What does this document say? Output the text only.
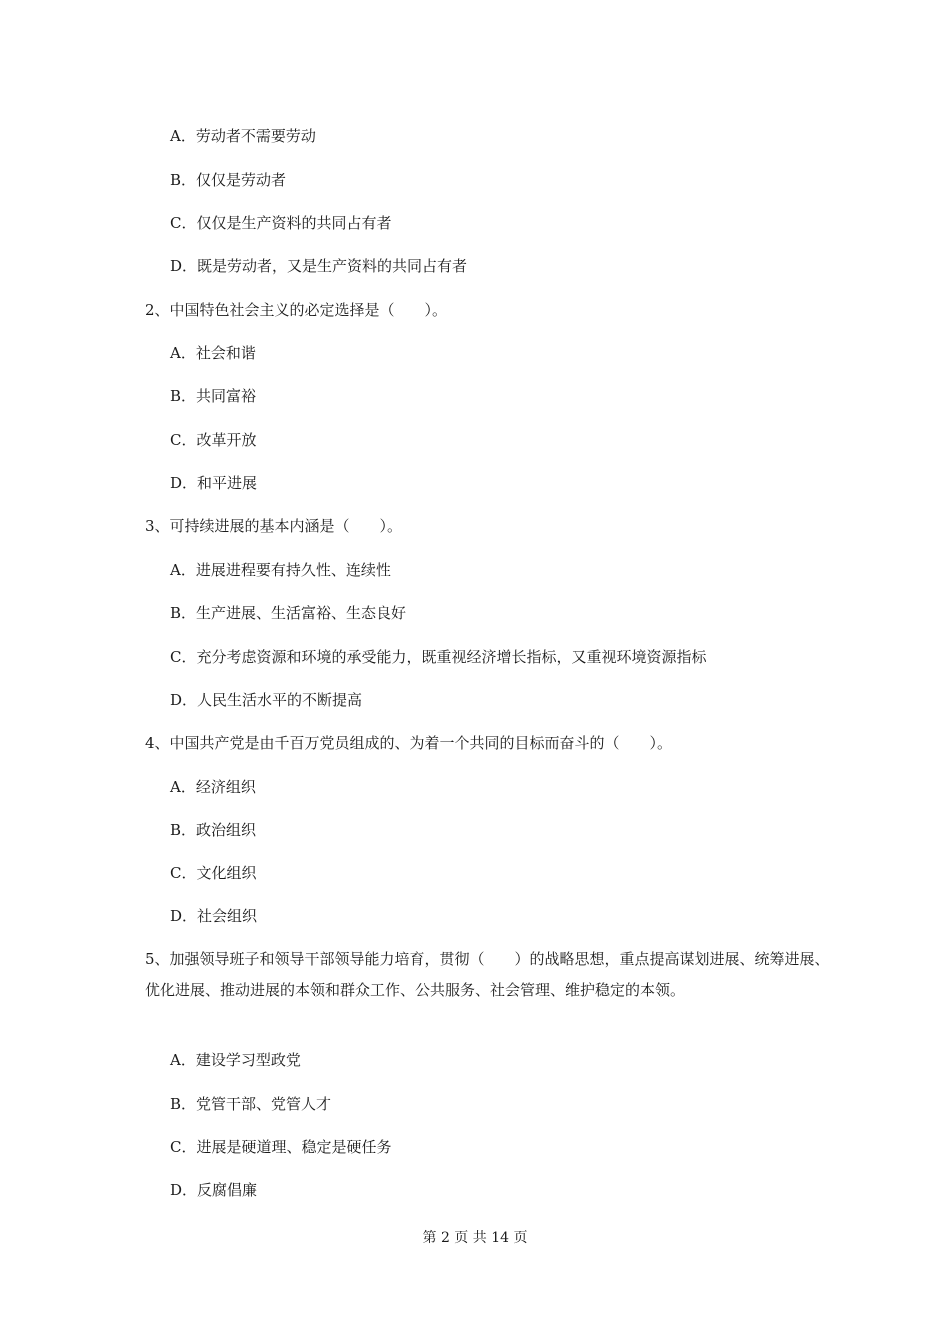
A．劳动者不需要劳动
B．仅仅是劳动者
C．仅仅是生产资料的共同占有者
D．既是劳动者，又是生产资料的共同占有者
2、中国特色社会主义的必定选择是（　　）。
A．社会和谐
B．共同富裕
C．改革开放
D．和平进展
3、可持续进展的基本内涵是（　　）。
A．进展进程要有持久性、连续性
B．生产进展、生活富裕、生态良好
C．充分考虑资源和环境的承受能力，既重视经济增长指标，又重视环境资源指标
D．人民生活水平的不断提高
4、中国共产党是由千百万党员组成的、为着一个共同的目标而奋斗的（　　）。
A．经济组织
B．政治组织
C．文化组织
D．社会组织
5、加强领导班子和领导干部领导能力培育，贯彻（　　）的战略思想，重点提高谋划进展、统筹进展、优化进展、推动进展的本领和群众工作、公共服务、社会管理、维护稳定的本领。
A．建设学习型政党
B．党管干部、党管人才
C．进展是硬道理、稳定是硬任务
D．反腐倡廉
第 2 页 共 14 页
